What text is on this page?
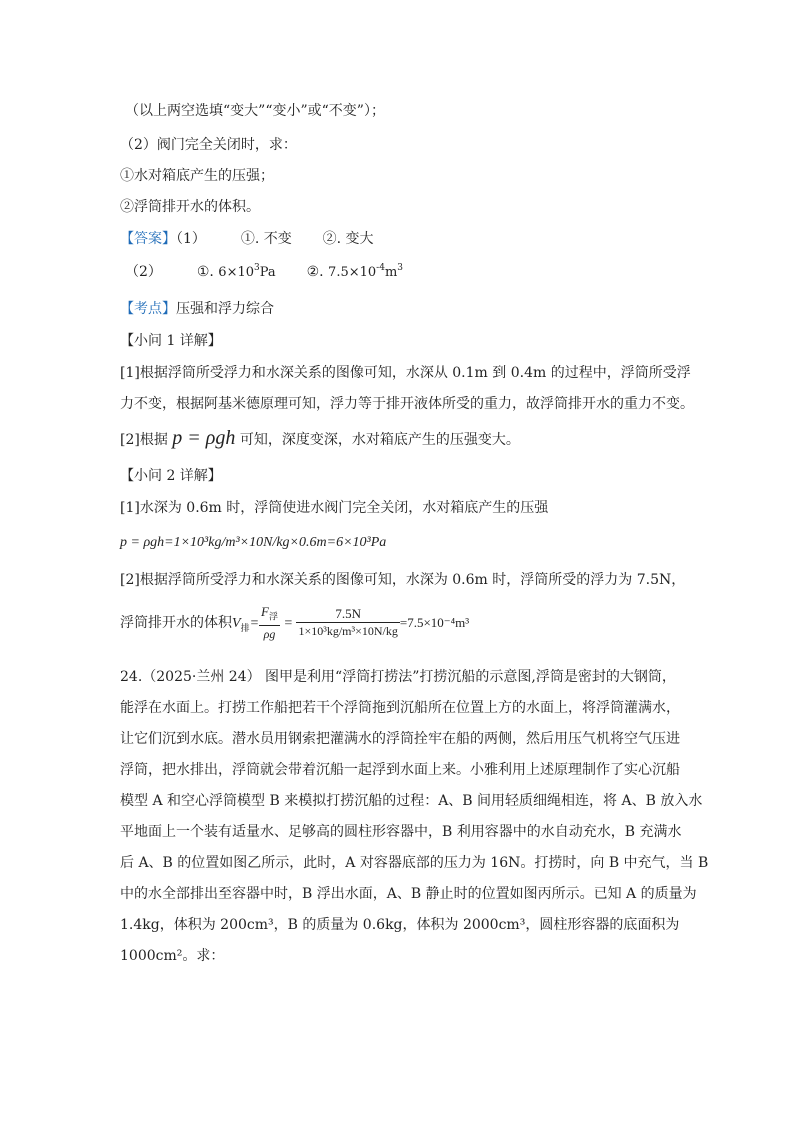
（以上两空选填“变大”“变小”或“不变”）；
（2）阀门完全关闭时，求：
①水对箱底产生的压强；
②浮筒排开水的体积。
【答案】（1） ①. 不变 ②. 变大
（2） ①. $6\times 10^3Pa$ ②. $7.5\times 10^{-4}m^3$
【考点】压强和浮力综合
【小问 1 详解】
[1]根据浮筒所受浮力和水深关系的图像可知，水深从 0.1m 到 0.4m 的过程中，浮筒所受浮
力不变，根据阿基米德原理可知，浮力等于排开液体所受的重力，故浮筒排开水的重力不变。
[2]根据 p = ρgh 可知，深度变深，水对箱底产生的压强变大。
【小问 2 详解】
[1]水深为 0.6m 时，浮筒使进水阀门完全关闭，水对箱底产生的压强
p = ρgh=1×10³kg/m³×10N/kg×0.6m=6×10³Pa
[2]根据浮筒所受浮力和水深关系的图像可知，水深为 0.6m 时，浮筒所受的浮力为 7.5N，
浮筒排开水的体积$V_排= \frac{F_浮}{\rho g} = \frac{7.5N}{\text{1×10³kg/m³×10N/kg}} =7.5\times 10^{-4}m^3$
24.（2025·兰州 24） 图甲是利用“浮筒打捞法”打捞沉船的示意图,浮筒是密封的大钢筒，
能浮在水面上。打捞工作船把若干个浮筒拖到沉船所在位置上方的水面上，将浮筒灌满水，
让它们沉到水底。潜水员用钢索把灌满水的浮筒拴牢在船的两侧，然后用压气机将空气压进
浮筒，把水排出，浮筒就会带着沉船一起浮到水面上来。小雅利用上述原理制作了实心沉船
模型 A 和空心浮筒模型 B 来模拟打捞沉船的过程：A、B 间用轻质细绳相连，将 A、B 放入水
平地面上一个装有适量水、足够高的圆柱形容器中，B 利用容器中的水自动充水，B 充满水
后 A、B 的位置如图乙所示，此时，A 对容器底部的压力为 16N。打捞时，向 B 中充气，当 B
中的水全部排出至容器中时，B 浮出水面，A、B 静止时的位置如图丙所示。已知 A 的质量为
1.4kg，体积为 200cm³，B 的质量为 0.6kg，体积为 2000cm³，圆柱形容器的底面积为
1000cm²。求：
